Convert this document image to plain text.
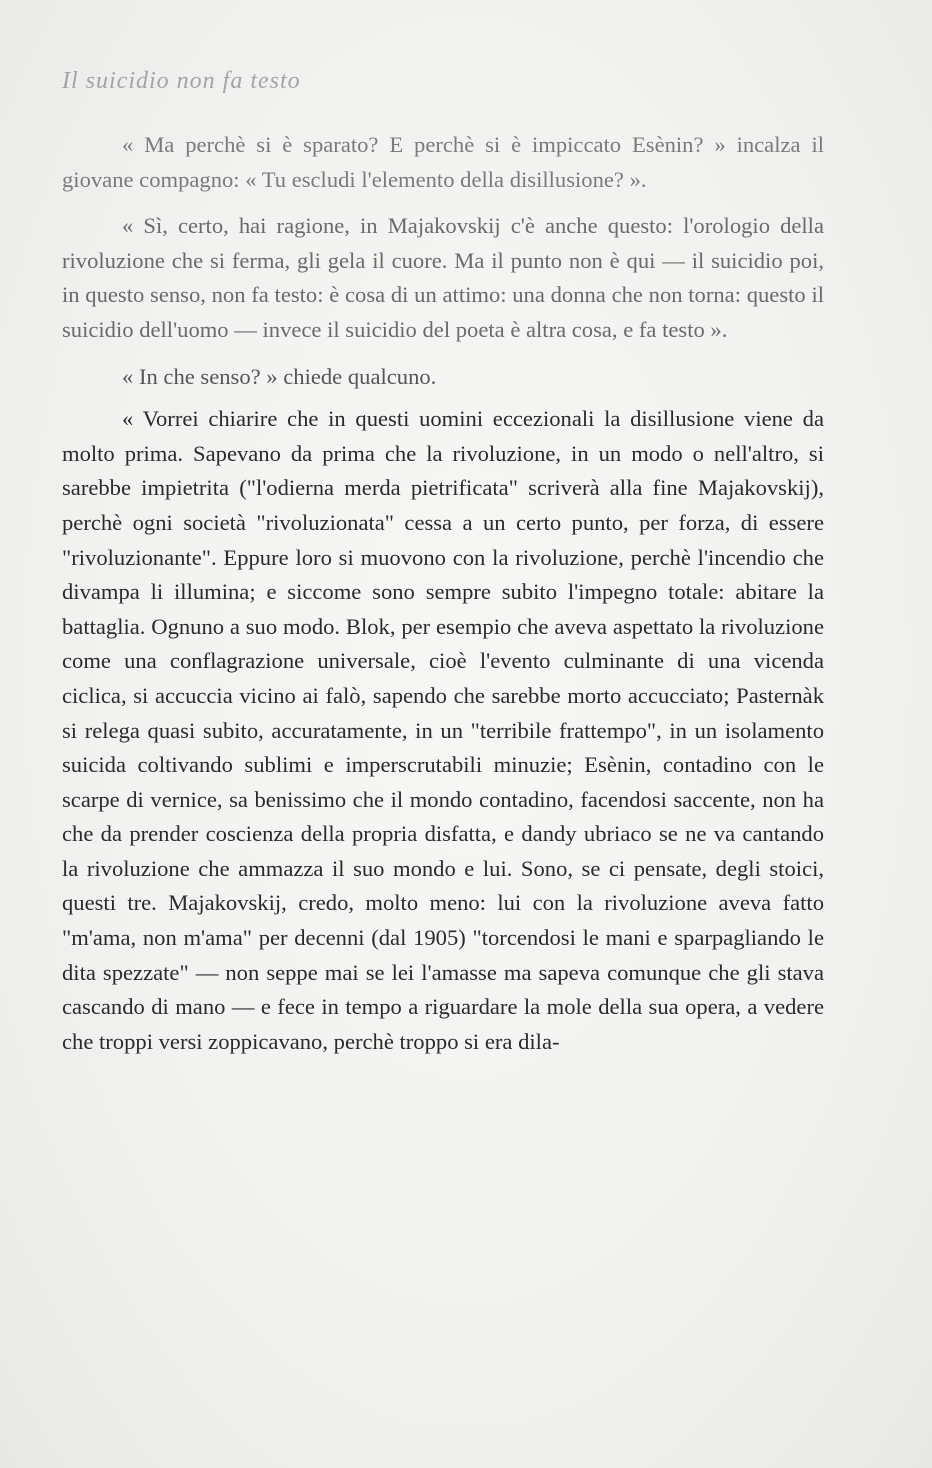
Il suicidio non fa testo

« Ma perchè si è sparato? E perchè si è impiccato Esènin? » incalza il giovane compagno: « Tu escludi l'elemento della disillusione? ».

« Sì, certo, hai ragione, in Majakovskij c'è anche questo: l'orologio della rivoluzione che si ferma, gli gela il cuore. Ma il punto non è qui — il suicidio poi, in questo senso, non fa testo: è cosa di un attimo: una donna che non torna: questo il suicidio dell'uomo — invece il suicidio del poeta è altra cosa, e fa testo ».

« In che senso? » chiede qualcuno.

« Vorrei chiarire che in questi uomini eccezionali la disillusione viene da molto prima. Sapevano da prima che la rivoluzione, in un modo o nell'altro, si sarebbe impietrita ("l'odierna merda pietrificata" scriverà alla fine Majakovskij), perchè ogni società "rivoluzionata" cessa a un certo punto, per forza, di essere "rivoluzionante". Eppure loro si muovono con la rivoluzione, perchè l'incendio che divampa li illumina; e siccome sono sempre subito l'impegno totale: abitare la battaglia. Ognuno a suo modo. Blok, per esempio che aveva aspettato la rivoluzione come una conflagrazione universale, cioè l'evento culminante di una vicenda ciclica, si accuccia vicino ai falò, sapendo che sarebbe morto accucciato; Pasternàk si relega quasi subito, accuratamente, in un "terribile frattempo", in un isolamento suicida coltivando sublimi e imperscrutabili minuzie; Esènin, contadino con le scarpe di vernice, sa benissimo che il mondo contadino, facendosi saccente, non ha che da prender coscienza della propria disfatta, e dandy ubriaco se ne va cantando la rivoluzione che ammazza il suo mondo e lui. Sono, se ci pensate, degli stoici, questi tre. Majakovskij, credo, molto meno: lui con la rivoluzione aveva fatto "m'ama, non m'ama" per decenni (dal 1905) "torcendosi le mani e sparpagliando le dita spezzate" — non seppe mai se lei l'amasse ma sapeva comunque che gli stava cascando di mano — e fece in tempo a riguardare la mole della sua opera, a vedere che troppi versi zoppicavano, perchè troppo si era dila-
